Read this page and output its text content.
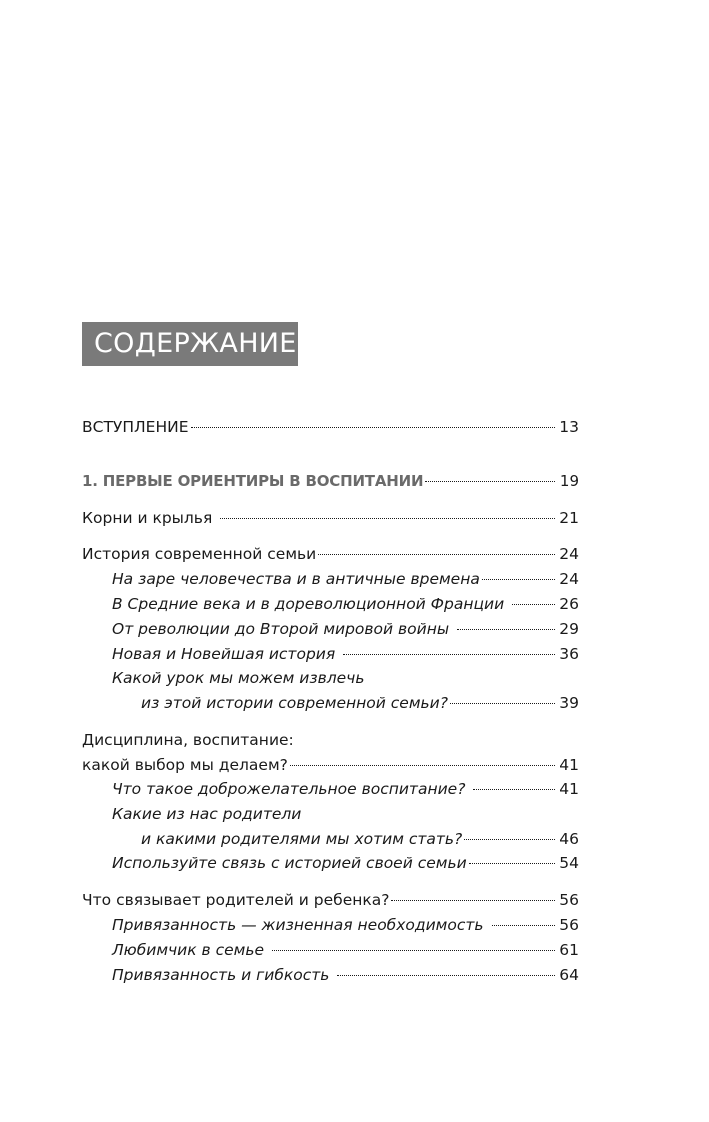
СОДЕРЖАНИЕ
ВСТУПЛЕНИЕ	13
1. ПЕРВЫЕ ОРИЕНТИРЫ В ВОСПИТАНИИ	19
Корни и крылья	21
История современной семьи	24
На заре человечества и в античные времена	24
В Средние века и в дореволюционной Франции	26
От революции до Второй мировой войны	29
Новая и Новейшая история	36
Какой урок мы можем извлечь
из этой истории современной семьи?	39
Дисциплина, воспитание:
какой выбор мы делаем?	41
Что такое доброжелательное воспитание?	41
Какие из нас родители
и какими родителями мы хотим стать?	46
Используйте связь с историей своей семьи	54
Что связывает родителей и ребенка?	56
Привязанность — жизненная необходимость	56
Любимчик в семье	61
Привязанность и гибкость	64
